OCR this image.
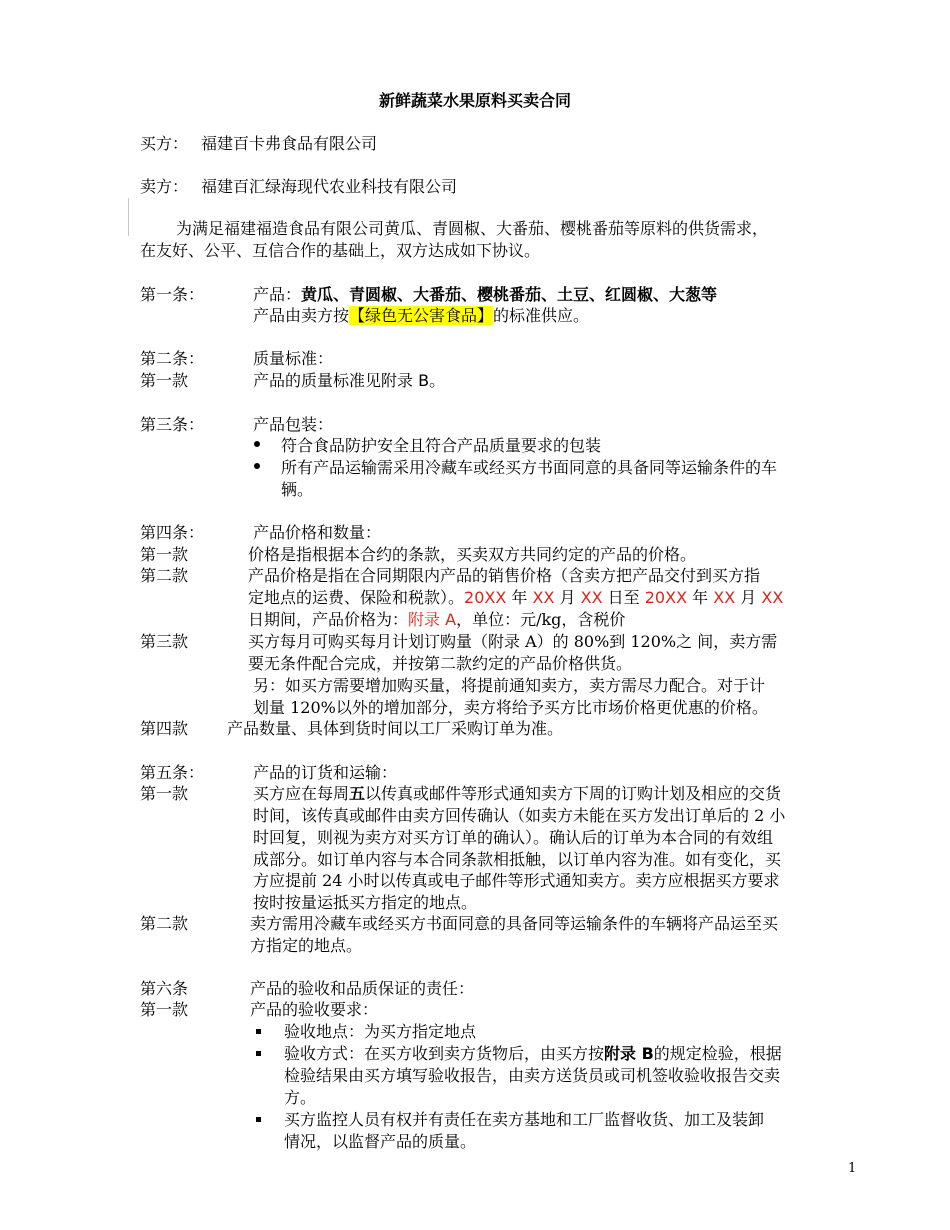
新鲜蔬菜水果原料买卖合同
买方： 福建百卡弗食品有限公司
卖方： 福建百汇绿海现代农业科技有限公司
为满足福建福造食品有限公司黄瓜、青圆椒、大番茄、樱桃番茄等原料的供货需求，
在友好、公平、互信合作的基础上，双方达成如下协议。
第一条：	产品：黄瓜、青圆椒、大番茄、樱桃番茄、土豆、红圆椒、大葱等
产品由卖方按【绿色无公害食品】的标准供应。
第二条：	质量标准：
第一款	产品的质量标准见附录 B。
第三条：	产品包装：
符合食品防护安全且符合产品质量要求的包装
所有产品运输需采用冷藏车或经买方书面同意的具备同等运输条件的车
辆。
第四条：	产品价格和数量：
第一款	价格是指根据本合约的条款，买卖双方共同约定的产品的价格。
第二款	产品价格是指在合同期限内产品的销售价格（含卖方把产品交付到买方指
定地点的运费、保险和税款）。20XX 年 XX 月 XX 日至 20XX 年 XX 月 XX
日期间，产品价格为：附录 A，单位：元/kg，含税价
第三款	买方每月可购买每月计划订购量（附录 A）的 80%到 120%之 间，卖方需
要无条件配合完成，并按第二款约定的产品价格供货。
另：如买方需要增加购买量，将提前通知卖方，卖方需尽力配合。对于计
划量 120%以外的增加部分，卖方将给予买方比市场价格更优惠的价格。
第四款 产品数量、具体到货时间以工厂采购订单为准。
第五条：	产品的订货和运输：
第一款	买方应在每周五以传真或邮件等形式通知卖方下周的订购计划及相应的交货
时间，该传真或邮件由卖方回传确认（如卖方未能在买方发出订单后的 2 小
时回复，则视为卖方对买方订单的确认）。确认后的订单为本合同的有效组
成部分。如订单内容与本合同条款相抵触，以订单内容为准。如有变化，买
方应提前 24 小时以传真或电子邮件等形式通知卖方。卖方应根据买方要求
按时按量运抵买方指定的地点。
第二款	卖方需用冷藏车或经买方书面同意的具备同等运输条件的车辆将产品运至买
方指定的地点。
第六条	产品的验收和品质保证的责任：
第一款	产品的验收要求：
验收地点：为买方指定地点
验收方式：在买方收到卖方货物后，由买方按附录 B的规定检验，根据
检验结果由买方填写验收报告，由卖方送货员或司机签收验收报告交卖
方。
买方监控人员有权并有责任在卖方基地和工厂监督收货、加工及装卸
情况，以监督产品的质量。
1
